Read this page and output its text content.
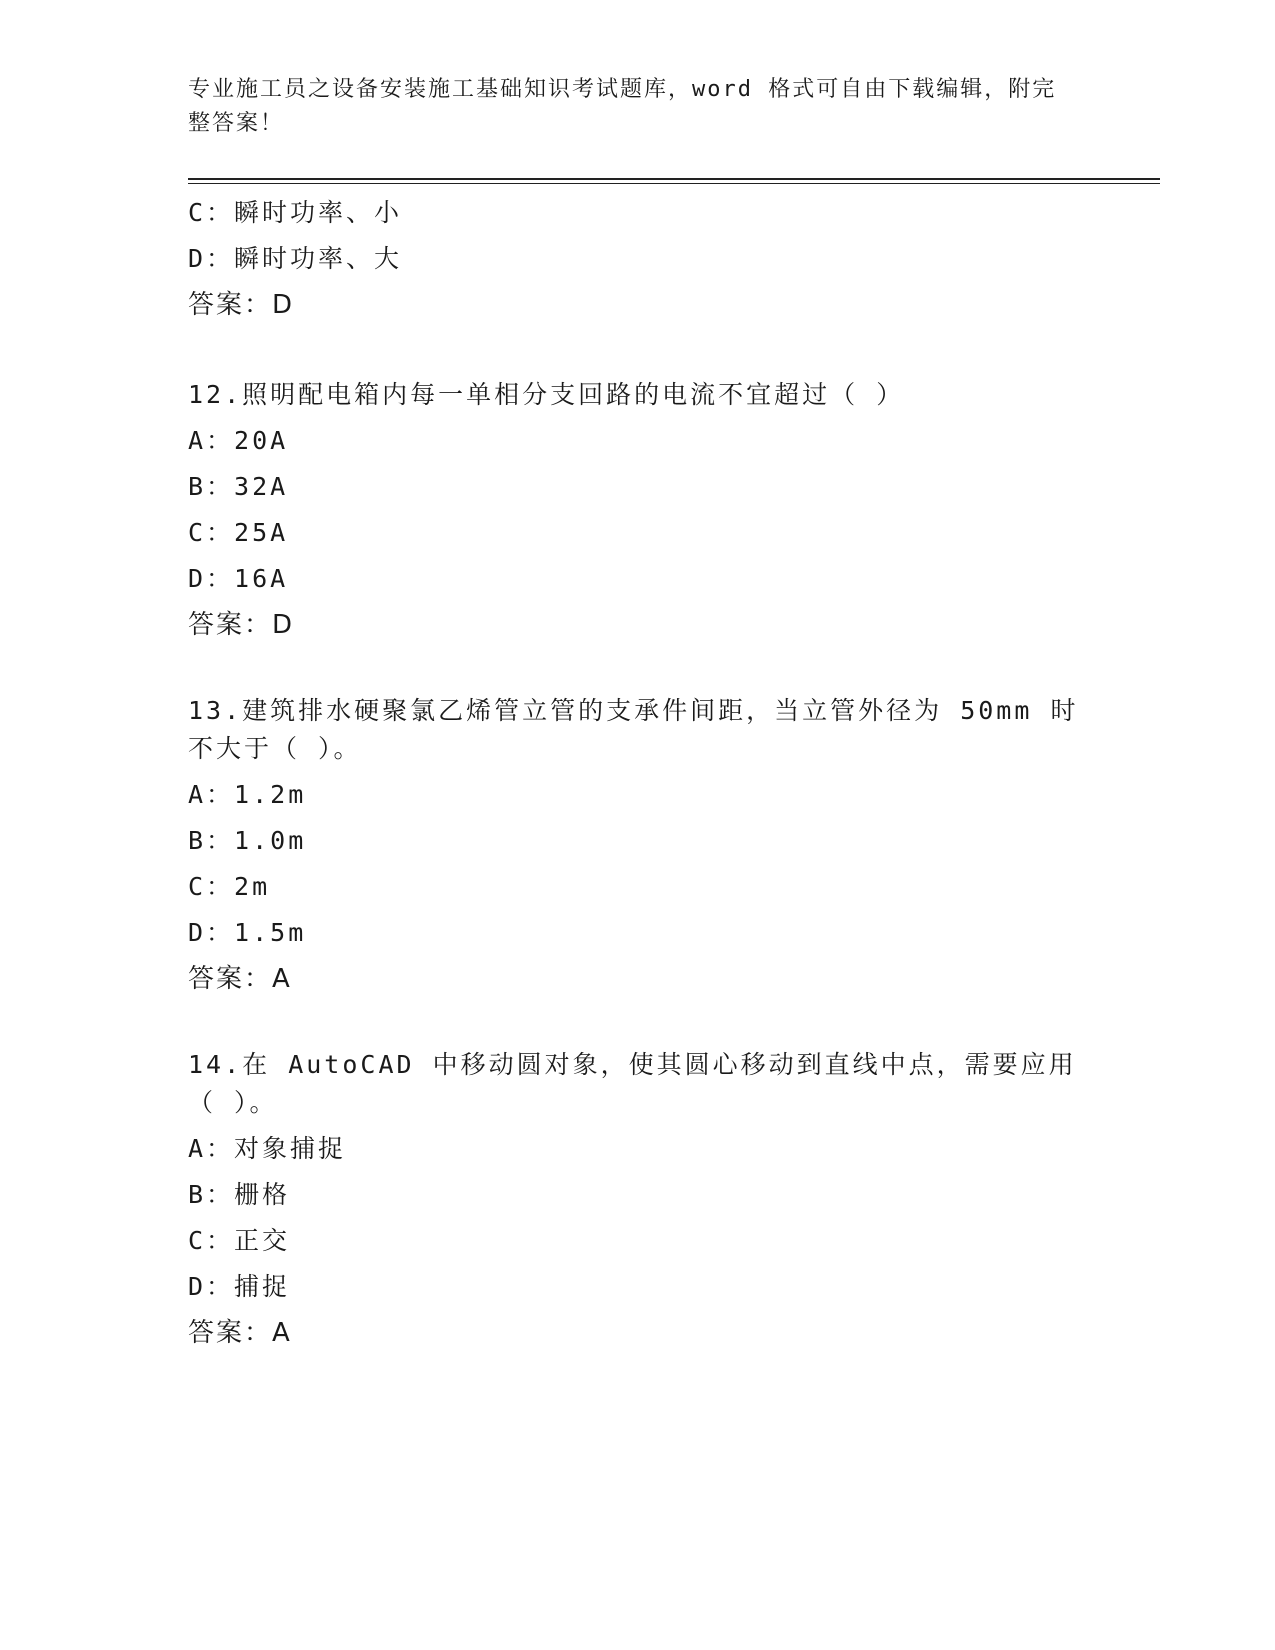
专业施工员之设备安装施工基础知识考试题库，word 格式可自由下载编辑，附完整答案！
C：瞬时功率、小
D：瞬时功率、大
答案：D
12.照明配电箱内每一单相分支回路的电流不宜超过（ ）
A：20A
B：32A
C：25A
D：16A
答案：D
13.建筑排水硬聚氯乙烯管立管的支承件间距，当立管外径为 50mm 时不大于（ ）。
A：1.2m
B：1.0m
C：2m
D：1.5m
答案：A
14.在 AutoCAD 中移动圆对象，使其圆心移动到直线中点，需要应用（ ）。
A：对象捕捉
B：栅格
C：正交
D：捕捉
答案：A
